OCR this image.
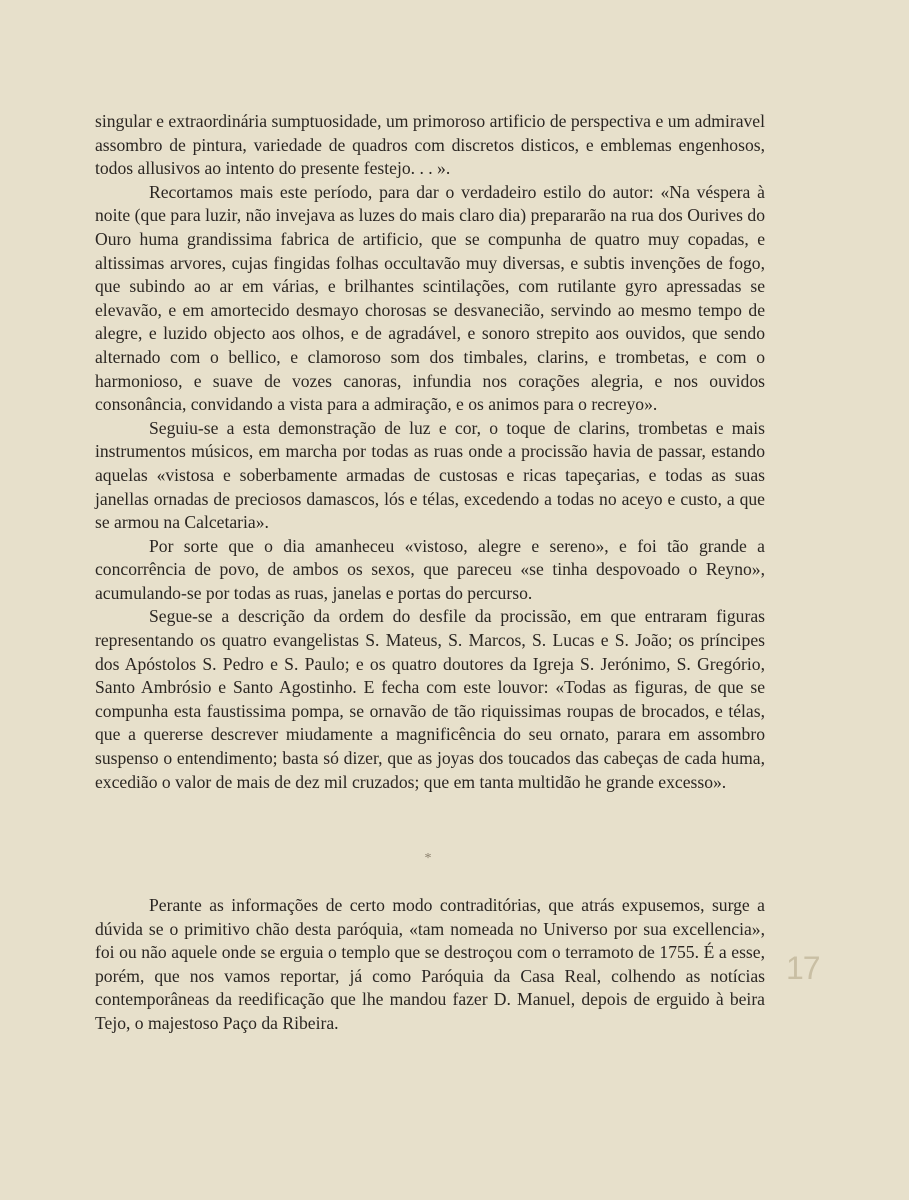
singular e extraordinária sumptuosidade, um primoroso artificio de perspectiva e um admiravel assombro de pintura, variedade de quadros com discretos disticos, e emblemas engenhosos, todos allusivos ao intento do presente festejo. . . ».

Recortamos mais este período, para dar o verdadeiro estilo do autor: «Na véspera à noite (que para luzir, não invejava as luzes do mais claro dia) prepararão na rua dos Ourives do Ouro huma grandissima fabrica de artificio, que se compunha de quatro muy copadas, e altissimas arvores, cujas fingidas folhas occultavão muy diversas, e subtis invenções de fogo, que subindo ao ar em várias, e brilhantes scintilações, com rutilante gyro apressadas se elevavão, e em amortecido desmayo chorosas se desvanecião, servindo ao mesmo tempo de alegre, e luzido objecto aos olhos, e de agradável, e sonoro strepito aos ouvidos, que sendo alternado com o bellico, e clamoroso som dos timbales, clarins, e trombetas, e com o harmonioso, e suave de vozes canoras, infundia nos corações alegria, e nos ouvidos consonância, convidando a vista para a admiração, e os animos para o recreyo».

Seguiu-se a esta demonstração de luz e cor, o toque de clarins, trombetas e mais instrumentos músicos, em marcha por todas as ruas onde a procissão havia de passar, estando aquelas «vistosa e soberbamente armadas de custosas e ricas tapeçarias, e todas as suas janellas ornadas de preciosos damascos, lós e télas, excedendo a todas no aceyo e custo, a que se armou na Calcetaria».

Por sorte que o dia amanheceu «vistoso, alegre e sereno», e foi tão grande a concorrência de povo, de ambos os sexos, que pareceu «se tinha despovoado o Reyno», acumulando-se por todas as ruas, janelas e portas do percurso.

Segue-se a descrição da ordem do desfile da procissão, em que entraram figuras representando os quatro evangelistas S. Mateus, S. Marcos, S. Lucas e S. João; os príncipes dos Apóstolos S. Pedro e S. Paulo; e os quatro doutores da Igreja S. Jerónimo, S. Gregório, Santo Ambrósio e Santo Agostinho. E fecha com este louvor: «Todas as figuras, de que se compunha esta faustissima pompa, se ornavão de tão riquissimas roupas de brocados, e télas, que a quererse descrever miudamente a magnificência do seu ornato, parara em assombro suspenso o entendimento; basta só dizer, que as joyas dos toucados das cabeças de cada huma, excedião o valor de mais de dez mil cruzados; que em tanta multidão he grande excesso».

*

Perante as informações de certo modo contraditórias, que atrás expusemos, surge a dúvida se o primitivo chão desta paróquia, «tam nomeada no Universo por sua excellencia», foi ou não aquele onde se erguia o templo que se destroçou com o terramoto de 1755. É a esse, porém, que nos vamos reportar, já como Paróquia da Casa Real, colhendo as notícias contemporâneas da reedificação que lhe mandou fazer D. Manuel, depois de erguido à beira Tejo, o majestoso Paço da Ribeira.

17
